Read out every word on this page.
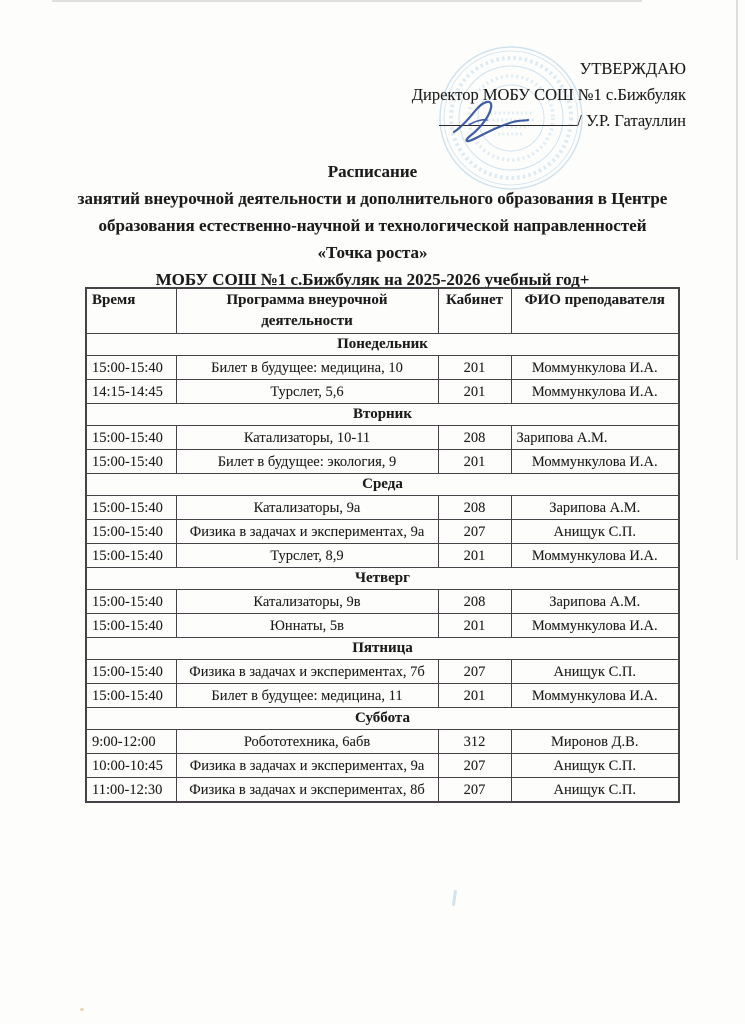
УТВЕРЖДАЮ
Директор МОБУ СОШ №1 с.Бижбуляк
/ У.Р. Гатауллин
Расписание
занятий внеурочной деятельности и дополнительного образования в Центре
образования естественно-научной и технологической направленностей
«Точка роста»
МОБУ СОШ №1 с.Бижбуляк на 2025-2026 учебный год+
Время	Программа внеурочной деятельности	Кабинет	ФИО преподавателя
Понедельник			
15:00-15:40	Билет в будущее: медицина, 10	201	Моммункулова И.А.
14:15-14:45	Турслет, 5,6	201	Моммункулова И.А.
Вторник			
15:00-15:40	Катализаторы, 10-11	208	Зарипова А.М.
15:00-15:40	Билет в будущее: экология, 9	201	Моммункулова И.А.
Среда			
15:00-15:40	Катализаторы, 9а	208	Зарипова А.М.
15:00-15:40	Физика в задачах и экспериментах, 9а	207	Анищук С.П.
15:00-15:40	Турслет, 8,9	201	Моммункулова И.А.
Четверг			
15:00-15:40	Катализаторы, 9в	208	Зарипова А.М.
15:00-15:40	Юннаты, 5в	201	Моммункулова И.А.
Пятница			
15:00-15:40	Физика в задачах и экспериментах, 7б	207	Анищук С.П.
15:00-15:40	Билет в будущее: медицина, 11	201	Моммункулова И.А.
Суббота			
9:00-12:00	Робототехника, 6абв	312	Миронов Д.В.
10:00-10:45	Физика в задачах и экспериментах, 9а	207	Анищук С.П.
11:00-12:30	Физика в задачах и экспериментах, 8б	207	Анищук С.П.
